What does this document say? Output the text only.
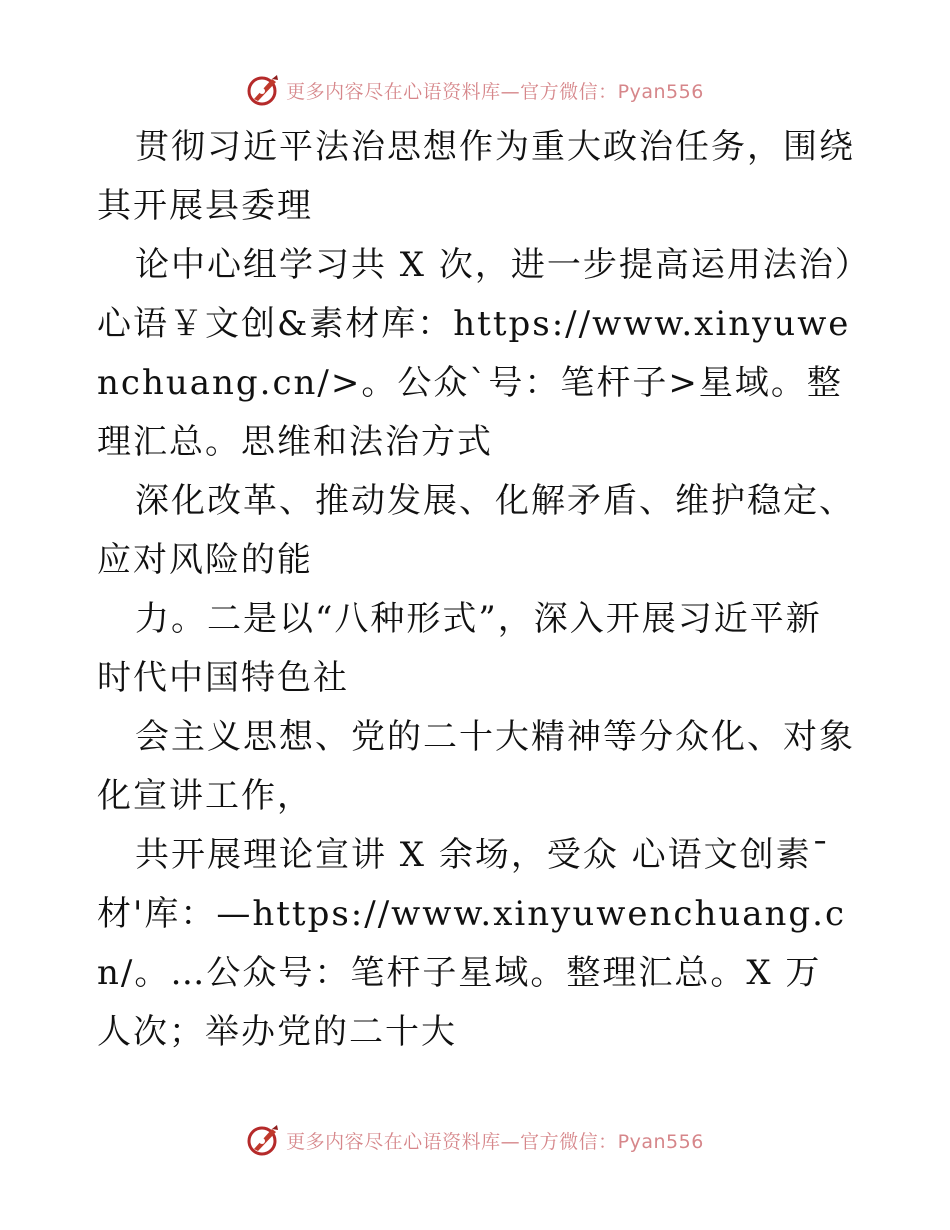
更多内容尽在心语资料库—官方微信：Pyan556

贯彻习近平法治思想作为重大政治任务，围绕其开展县委理

论中心组学习共 X 次，进一步提高运用法治）心语￥文创&素材库：https://www.xinyuwenchuang.cn/>。公众`号：笔杆子>星域。整理汇总。思维和法治方式

深化改革、推动发展、化解矛盾、维护稳定、应对风险的能

力。二是以“八种形式”，深入开展习近平新时代中国特色社

会主义思想、党的二十大精神等分众化、对象化宣讲工作，

共开展理论宣讲 X 余场，受众 心语文创素¯材'库：—https://www.xinyuwenchuang.cn/。…公众号：笔杆子星域。整理汇总。X 万人次；举办党的二十大

更多内容尽在心语资料库—官方微信：Pyan556
